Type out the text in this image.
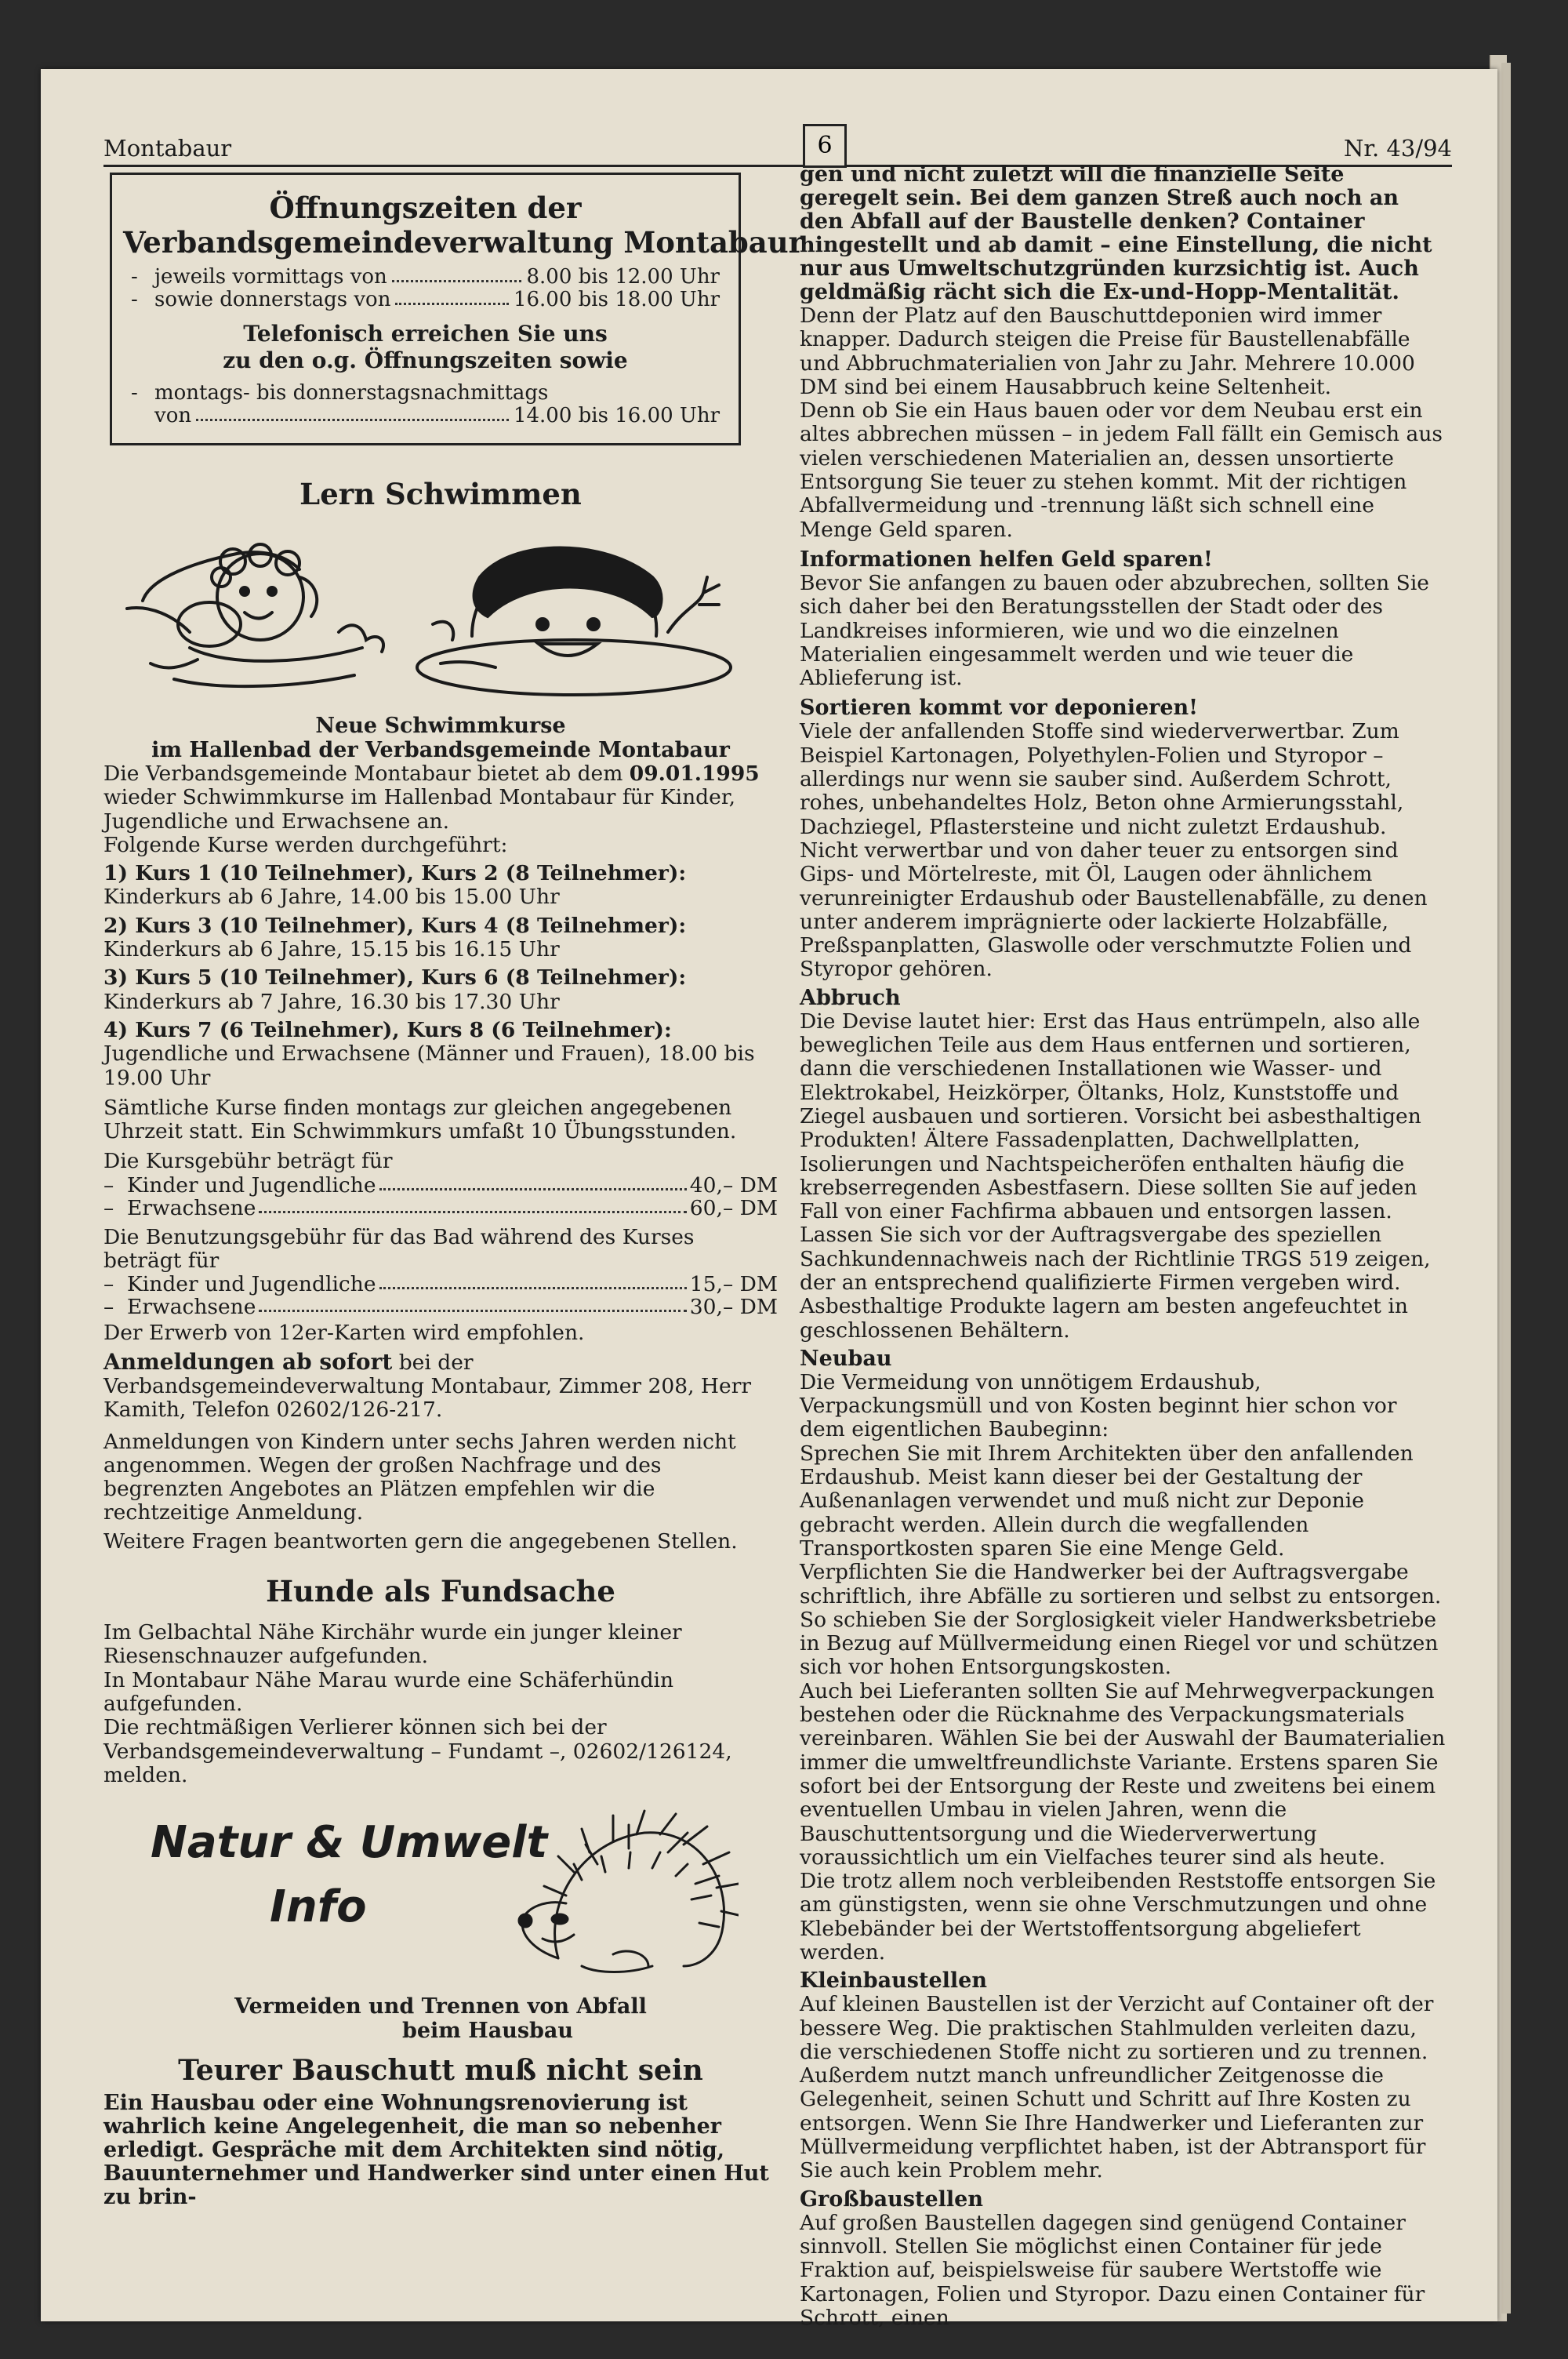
Montabaur	6	Nr. 43/94
Öffnungszeiten der
Verbandsgemeindeverwaltung Montabaur
- jeweils vormittags von	8.00 bis 12.00 Uhr
- sowie donnerstags von	16.00 bis 18.00 Uhr
Telefonisch erreichen Sie uns
zu den o.g. Öffnungszeiten sowie
- montags- bis donnerstagsnachmittags
von	14.00 bis 16.00 Uhr
Lern Schwimmen
Neue Schwimmkurse
im Hallenbad der Verbandsgemeinde Montabaur

Die Verbandsgemeinde Montabaur bietet ab dem 09.01.1995 wieder Schwimmkurse im Hallenbad Montabaur für Kinder, Jugendliche und Erwachsene an.

Folgende Kurse werden durchgeführt:

1) Kurs 1 (10 Teilnehmer), Kurs 2 (8 Teilnehmer):

Kinderkurs ab 6 Jahre, 14.00 bis 15.00 Uhr

2) Kurs 3 (10 Teilnehmer), Kurs 4 (8 Teilnehmer):

Kinderkurs ab 6 Jahre, 15.15 bis 16.15 Uhr

3) Kurs 5 (10 Teilnehmer), Kurs 6 (8 Teilnehmer):

Kinderkurs ab 7 Jahre, 16.30 bis 17.30 Uhr

4) Kurs 7 (6 Teilnehmer), Kurs 8 (6 Teilnehmer):

Jugendliche und Erwachsene (Männer und Frauen), 18.00 bis 19.00 Uhr

Sämtliche Kurse finden montags zur gleichen angegebenen Uhrzeit statt. Ein Schwimmkurs umfaßt 10 Übungsstunden.

Die Kursgebühr beträgt für

– Kinder und Jugendliche	40,– DM
– Erwachsene	60,– DM

Die Benutzungsgebühr für das Bad während des Kurses beträgt für

– Kinder und Jugendliche	15,– DM
– Erwachsene	30,– DM

Der Erwerb von 12er-Karten wird empfohlen.

Anmeldungen ab sofort bei der Verbandsgemeindeverwaltung Montabaur, Zimmer 208, Herr Kamith, Telefon 02602/126-217.

Anmeldungen von Kindern unter sechs Jahren werden nicht angenommen. Wegen der großen Nachfrage und des begrenzten Angebotes an Plätzen empfehlen wir die rechtzeitige Anmeldung.

Weitere Fragen beantworten gern die angegebenen Stellen.

Hunde als Fundsache

Im Gelbachtal Nähe Kirchähr wurde ein junger kleiner Riesenschnauzer aufgefunden.

In Montabaur Nähe Marau wurde eine Schäferhündin aufgefunden.

Die rechtmäßigen Verlierer können sich bei der Verbandsgemeindeverwaltung – Fundamt –, 02602/126124, melden.

Natur & Umwelt
Info
Vermeiden und Trennen von Abfall
beim Hausbau
Teurer Bauschutt muß nicht sein

Ein Hausbau oder eine Wohnungsrenovierung ist wahrlich keine Angelegenheit, die man so nebenher erledigt. Gespräche mit dem Architekten sind nötig, Bauunternehmer und Handwerker sind unter einen Hut zu brin-

gen und nicht zuletzt will die finanzielle Seite geregelt sein. Bei dem ganzen Streß auch noch an den Abfall auf der Baustelle denken? Container hingestellt und ab damit – eine Einstellung, die nicht nur aus Umweltschutzgründen kurzsichtig ist. Auch geldmäßig rächt sich die Ex-und-Hopp-Mentalität.

Denn der Platz auf den Bauschuttdeponien wird immer knapper. Dadurch steigen die Preise für Baustellenabfälle und Abbruchmaterialien von Jahr zu Jahr. Mehrere 10.000 DM sind bei einem Hausabbruch keine Seltenheit.

Denn ob Sie ein Haus bauen oder vor dem Neubau erst ein altes abbrechen müssen – in jedem Fall fällt ein Gemisch aus vielen verschiedenen Materialien an, dessen unsortierte Entsorgung Sie teuer zu stehen kommt. Mit der richtigen Abfallvermeidung und -trennung läßt sich schnell eine Menge Geld sparen.

Informationen helfen Geld sparen!

Bevor Sie anfangen zu bauen oder abzubrechen, sollten Sie sich daher bei den Beratungsstellen der Stadt oder des Landkreises informieren, wie und wo die einzelnen Materialien eingesammelt werden und wie teuer die Ablieferung ist.

Sortieren kommt vor deponieren!

Viele der anfallenden Stoffe sind wiederverwertbar. Zum Beispiel Kartonagen, Polyethylen-Folien und Styropor – allerdings nur wenn sie sauber sind. Außerdem Schrott, rohes, unbehandeltes Holz, Beton ohne Armierungsstahl, Dachziegel, Pflastersteine und nicht zuletzt Erdaushub. Nicht verwertbar und von daher teuer zu entsorgen sind Gips- und Mörtelreste, mit Öl, Laugen oder ähnlichem verunreinigter Erdaushub oder Baustellenabfälle, zu denen unter anderem imprägnierte oder lackierte Holzabfälle, Preßspanplatten, Glaswolle oder verschmutzte Folien und Styropor gehören.

Abbruch

Die Devise lautet hier: Erst das Haus entrümpeln, also alle beweglichen Teile aus dem Haus entfernen und sortieren, dann die verschiedenen Installationen wie Wasser- und Elektrokabel, Heizkörper, Öltanks, Holz, Kunststoffe und Ziegel ausbauen und sortieren. Vorsicht bei asbesthaltigen Produkten! Ältere Fassadenplatten, Dachwellplatten, Isolierungen und Nachtspeicheröfen enthalten häufig die krebserregenden Asbestfasern. Diese sollten Sie auf jeden Fall von einer Fachfirma abbauen und entsorgen lassen. Lassen Sie sich vor der Auftragsvergabe des speziellen Sachkundennachweis nach der Richtlinie TRGS 519 zeigen, der an entsprechend qualifizierte Firmen vergeben wird. Asbesthaltige Produkte lagern am besten angefeuchtet in geschlossenen Behältern.

Neubau

Die Vermeidung von unnötigem Erdaushub, Verpackungsmüll und von Kosten beginnt hier schon vor dem eigentlichen Baubeginn:

Sprechen Sie mit Ihrem Architekten über den anfallenden Erdaushub. Meist kann dieser bei der Gestaltung der Außenanlagen verwendet und muß nicht zur Deponie gebracht werden. Allein durch die wegfallenden Transportkosten sparen Sie eine Menge Geld.

Verpflichten Sie die Handwerker bei der Auftragsvergabe schriftlich, ihre Abfälle zu sortieren und selbst zu entsorgen. So schieben Sie der Sorglosigkeit vieler Handwerksbetriebe in Bezug auf Müllvermeidung einen Riegel vor und schützen sich vor hohen Entsorgungskosten.

Auch bei Lieferanten sollten Sie auf Mehrwegverpackungen bestehen oder die Rücknahme des Verpackungsmaterials vereinbaren. Wählen Sie bei der Auswahl der Baumaterialien immer die umweltfreundlichste Variante. Erstens sparen Sie sofort bei der Entsorgung der Reste und zweitens bei einem eventuellen Umbau in vielen Jahren, wenn die Bauschuttentsorgung und die Wiederverwertung voraussichtlich um ein Vielfaches teurer sind als heute.

Die trotz allem noch verbleibenden Reststoffe entsorgen Sie am günstigsten, wenn sie ohne Verschmutzungen und ohne Klebebänder bei der Wertstoffentsorgung abgeliefert werden.

Kleinbaustellen

Auf kleinen Baustellen ist der Verzicht auf Container oft der bessere Weg. Die praktischen Stahlmulden verleiten dazu, die verschiedenen Stoffe nicht zu sortieren und zu trennen. Außerdem nutzt manch unfreundlicher Zeitgenosse die Gelegenheit, seinen Schutt und Schritt auf Ihre Kosten zu entsorgen. Wenn Sie Ihre Handwerker und Lieferanten zur Müllvermeidung verpflichtet haben, ist der Abtransport für Sie auch kein Problem mehr.

Großbaustellen

Auf großen Baustellen dagegen sind genügend Container sinnvoll. Stellen Sie möglichst einen Container für jede Fraktion auf, beispielsweise für saubere Wertstoffe wie Kartonagen, Folien und Styropor. Dazu einen Container für Schrott, einen
